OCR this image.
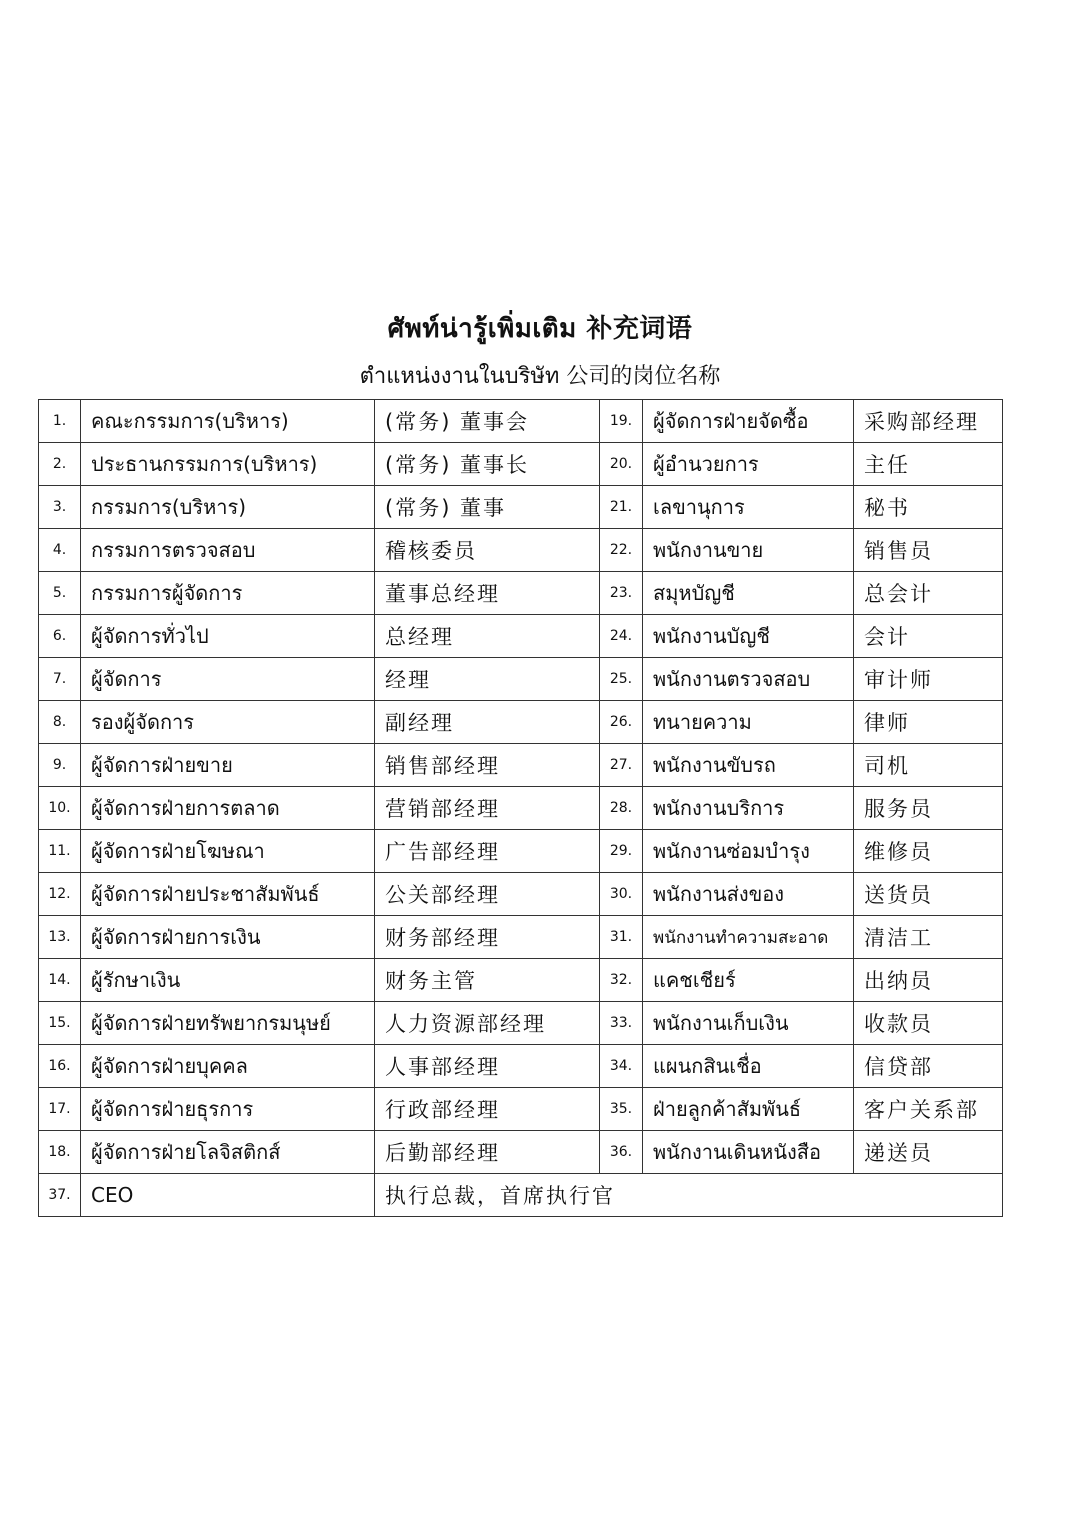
ศัพท์น่ารู้เพิ่มเติม 补充词语
ตำแหน่งงานในบริษัท 公司的岗位名称
1.	คณะกรรมการ(บริหาร)	(常务) 董事会	19.	ผู้จัดการฝ่ายจัดซื้อ	采购部经理
2.	ประธานกรรมการ(บริหาร)	(常务) 董事长	20.	ผู้อำนวยการ	主任
3.	กรรมการ(บริหาร)	(常务) 董事	21.	เลขานุการ	秘书
4.	กรรมการตรวจสอบ	稽核委员	22.	พนักงานขาย	销售员
5.	กรรมการผู้จัดการ	董事总经理	23.	สมุหบัญชี	总会计
6.	ผู้จัดการทั่วไป	总经理	24.	พนักงานบัญชี	会计
7.	ผู้จัดการ	经理	25.	พนักงานตรวจสอบ	审计师
8.	รองผู้จัดการ	副经理	26.	ทนายความ	律师
9.	ผู้จัดการฝ่ายขาย	销售部经理	27.	พนักงานขับรถ	司机
10.	ผู้จัดการฝ่ายการตลาด	营销部经理	28.	พนักงานบริการ	服务员
11.	ผู้จัดการฝ่ายโฆษณา	广告部经理	29.	พนักงานซ่อมบำรุง	维修员
12.	ผู้จัดการฝ่ายประชาสัมพันธ์	公关部经理	30.	พนักงานส่งของ	送货员
13.	ผู้จัดการฝ่ายการเงิน	财务部经理	31.	พนักงานทำความสะอาด	清洁工
14.	ผู้รักษาเงิน	财务主管	32.	แคชเชียร์	出纳员
15.	ผู้จัดการฝ่ายทรัพยากรมนุษย์	人力资源部经理	33.	พนักงานเก็บเงิน	收款员
16.	ผู้จัดการฝ่ายบุคคล	人事部经理	34.	แผนกสินเชื่อ	信贷部
17.	ผู้จัดการฝ่ายธุรการ	行政部经理	35.	ฝ่ายลูกค้าสัมพันธ์	客户关系部
18.	ผู้จัดการฝ่ายโลจิสติกส์	后勤部经理	36.	พนักงานเดินหนังสือ	递送员
37.	CEO	执行总裁，首席执行官			
